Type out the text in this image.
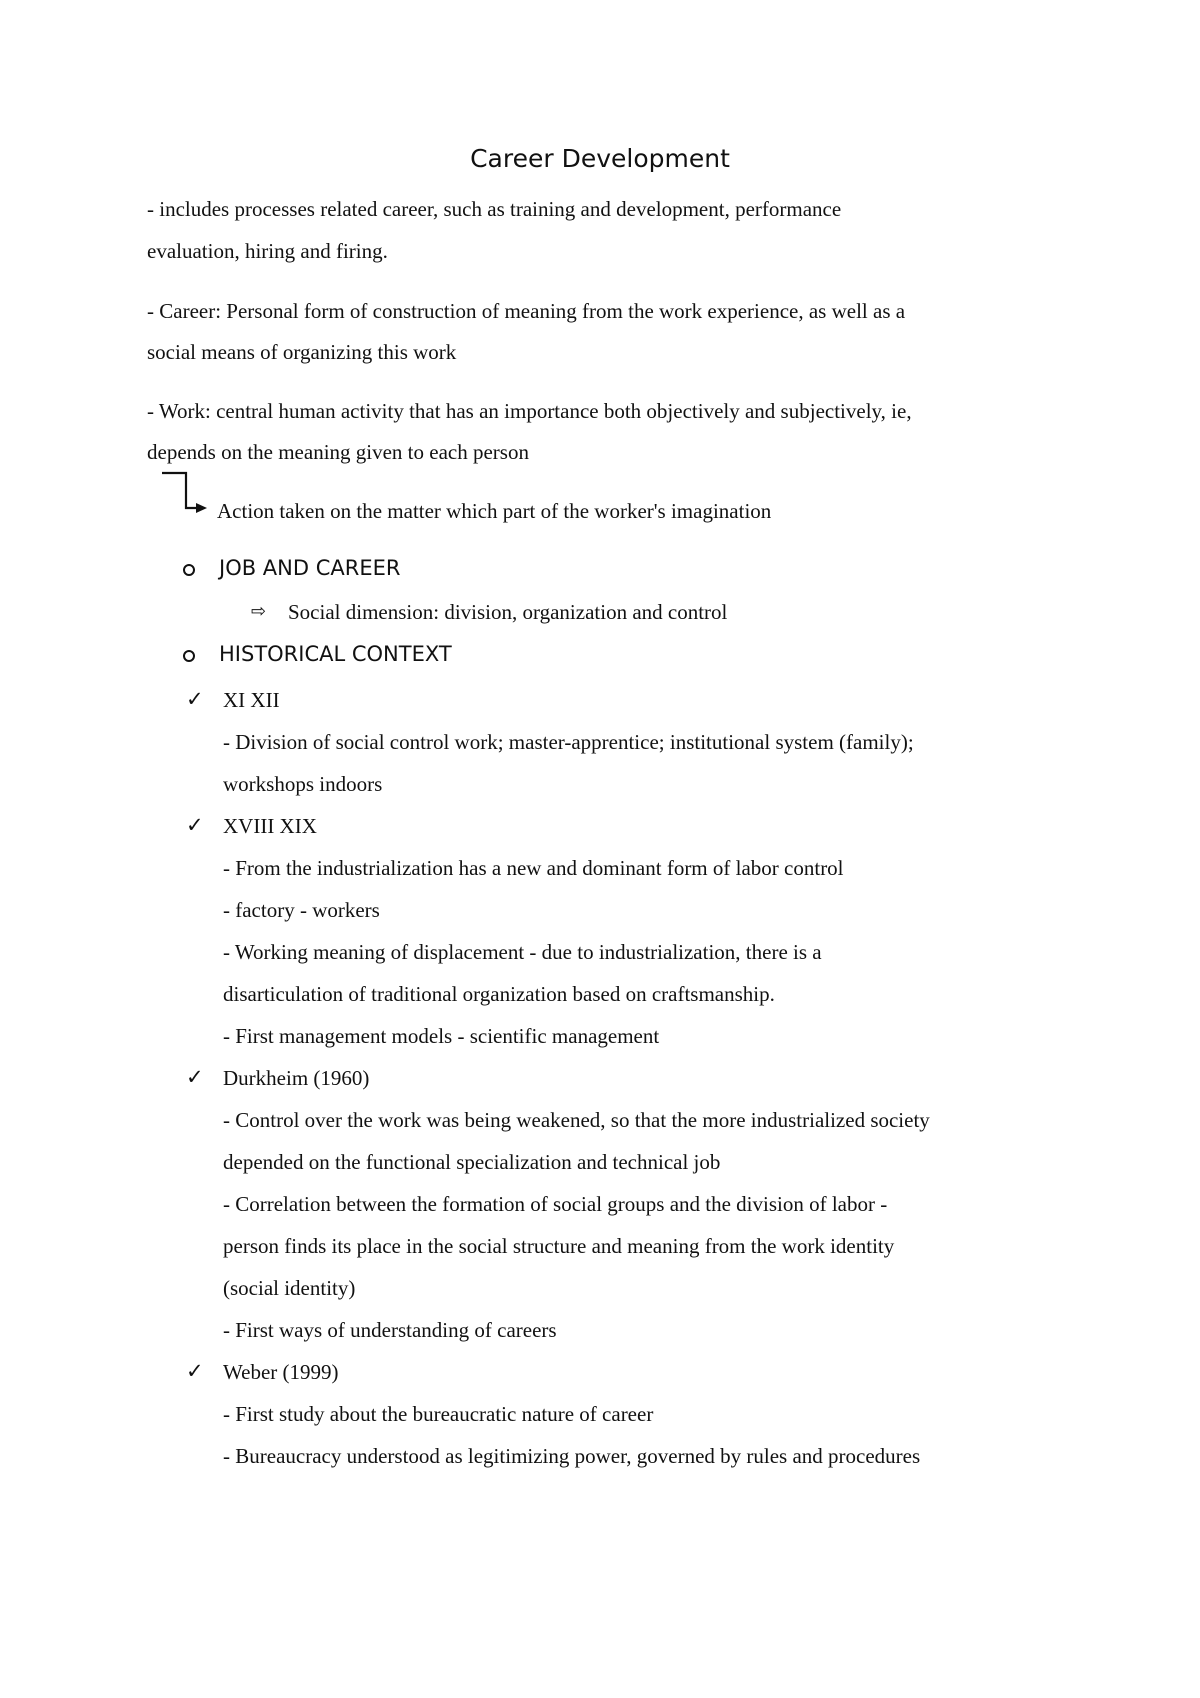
Career Development
- includes processes related career, such as training and development, performance
evaluation, hiring and firing.
- Career: Personal form of construction of meaning from the work experience, as well as a
social means of organizing this work
- Work: central human activity that has an importance both objectively and subjectively, ie,
depends on the meaning given to each person
Action taken on the matter which part of the worker's imagination
JOB AND CAREER
⇨ Social dimension: division, organization and control
HISTORICAL CONTEXT
✓ XI XII
- Division of social control work; master-apprentice; institutional system (family);
workshops indoors
✓ XVIII XIX
- From the industrialization has a new and dominant form of labor control
- factory - workers
- Working meaning of displacement - due to industrialization, there is a
disarticulation of traditional organization based on craftsmanship.
- First management models - scientific management
✓ Durkheim (1960)
- Control over the work was being weakened, so that the more industrialized society
depended on the functional specialization and technical job
- Correlation between the formation of social groups and the division of labor -
person finds its place in the social structure and meaning from the work identity
(social identity)
- First ways of understanding of careers
✓ Weber (1999)
- First study about the bureaucratic nature of career
- Bureaucracy understood as legitimizing power, governed by rules and procedures
